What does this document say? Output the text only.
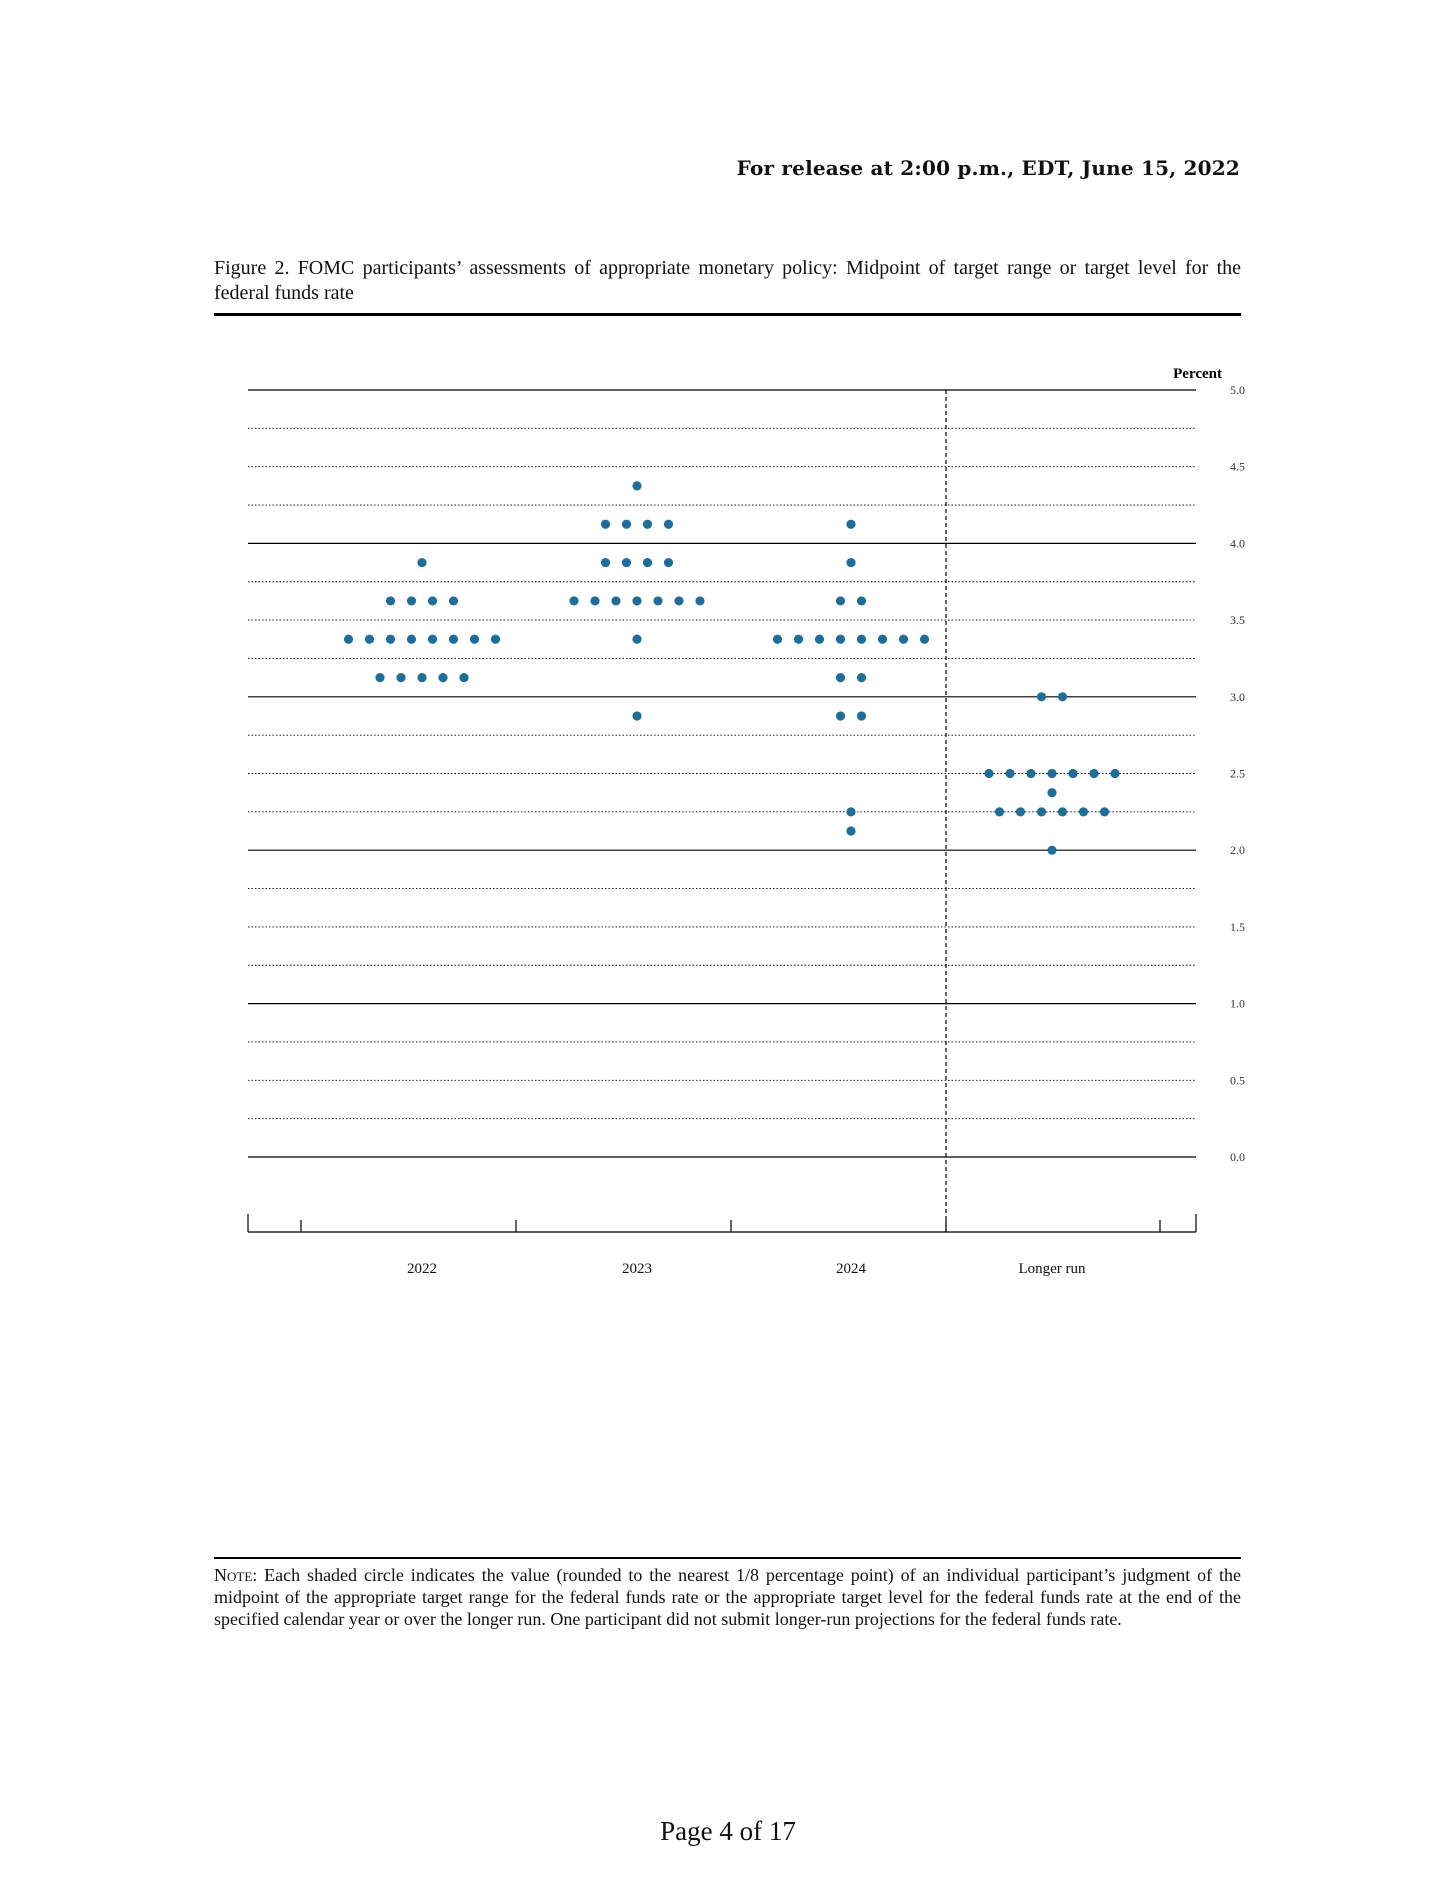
For release at 2:00 p.m., EDT, June 15, 2022
Figure 2. FOMC participants’ assessments of appropriate monetary policy: Midpoint of target range or target level for the federal funds rate
0.0
0.5
1.0
1.5
2.0
2.5
3.0
3.5
4.0
4.5
5.0
Percent
2022	2023	2024	Longer run
Note: Each shaded circle indicates the value (rounded to the nearest 1/8 percentage point) of an individual participant’s judgment of the midpoint of the appropriate target range for the federal funds rate or the appropriate target level for the federal funds rate at the end of the specified calendar year or over the longer run. One participant did not submit longer-run projections for the federal funds rate.
Page 4 of 17
